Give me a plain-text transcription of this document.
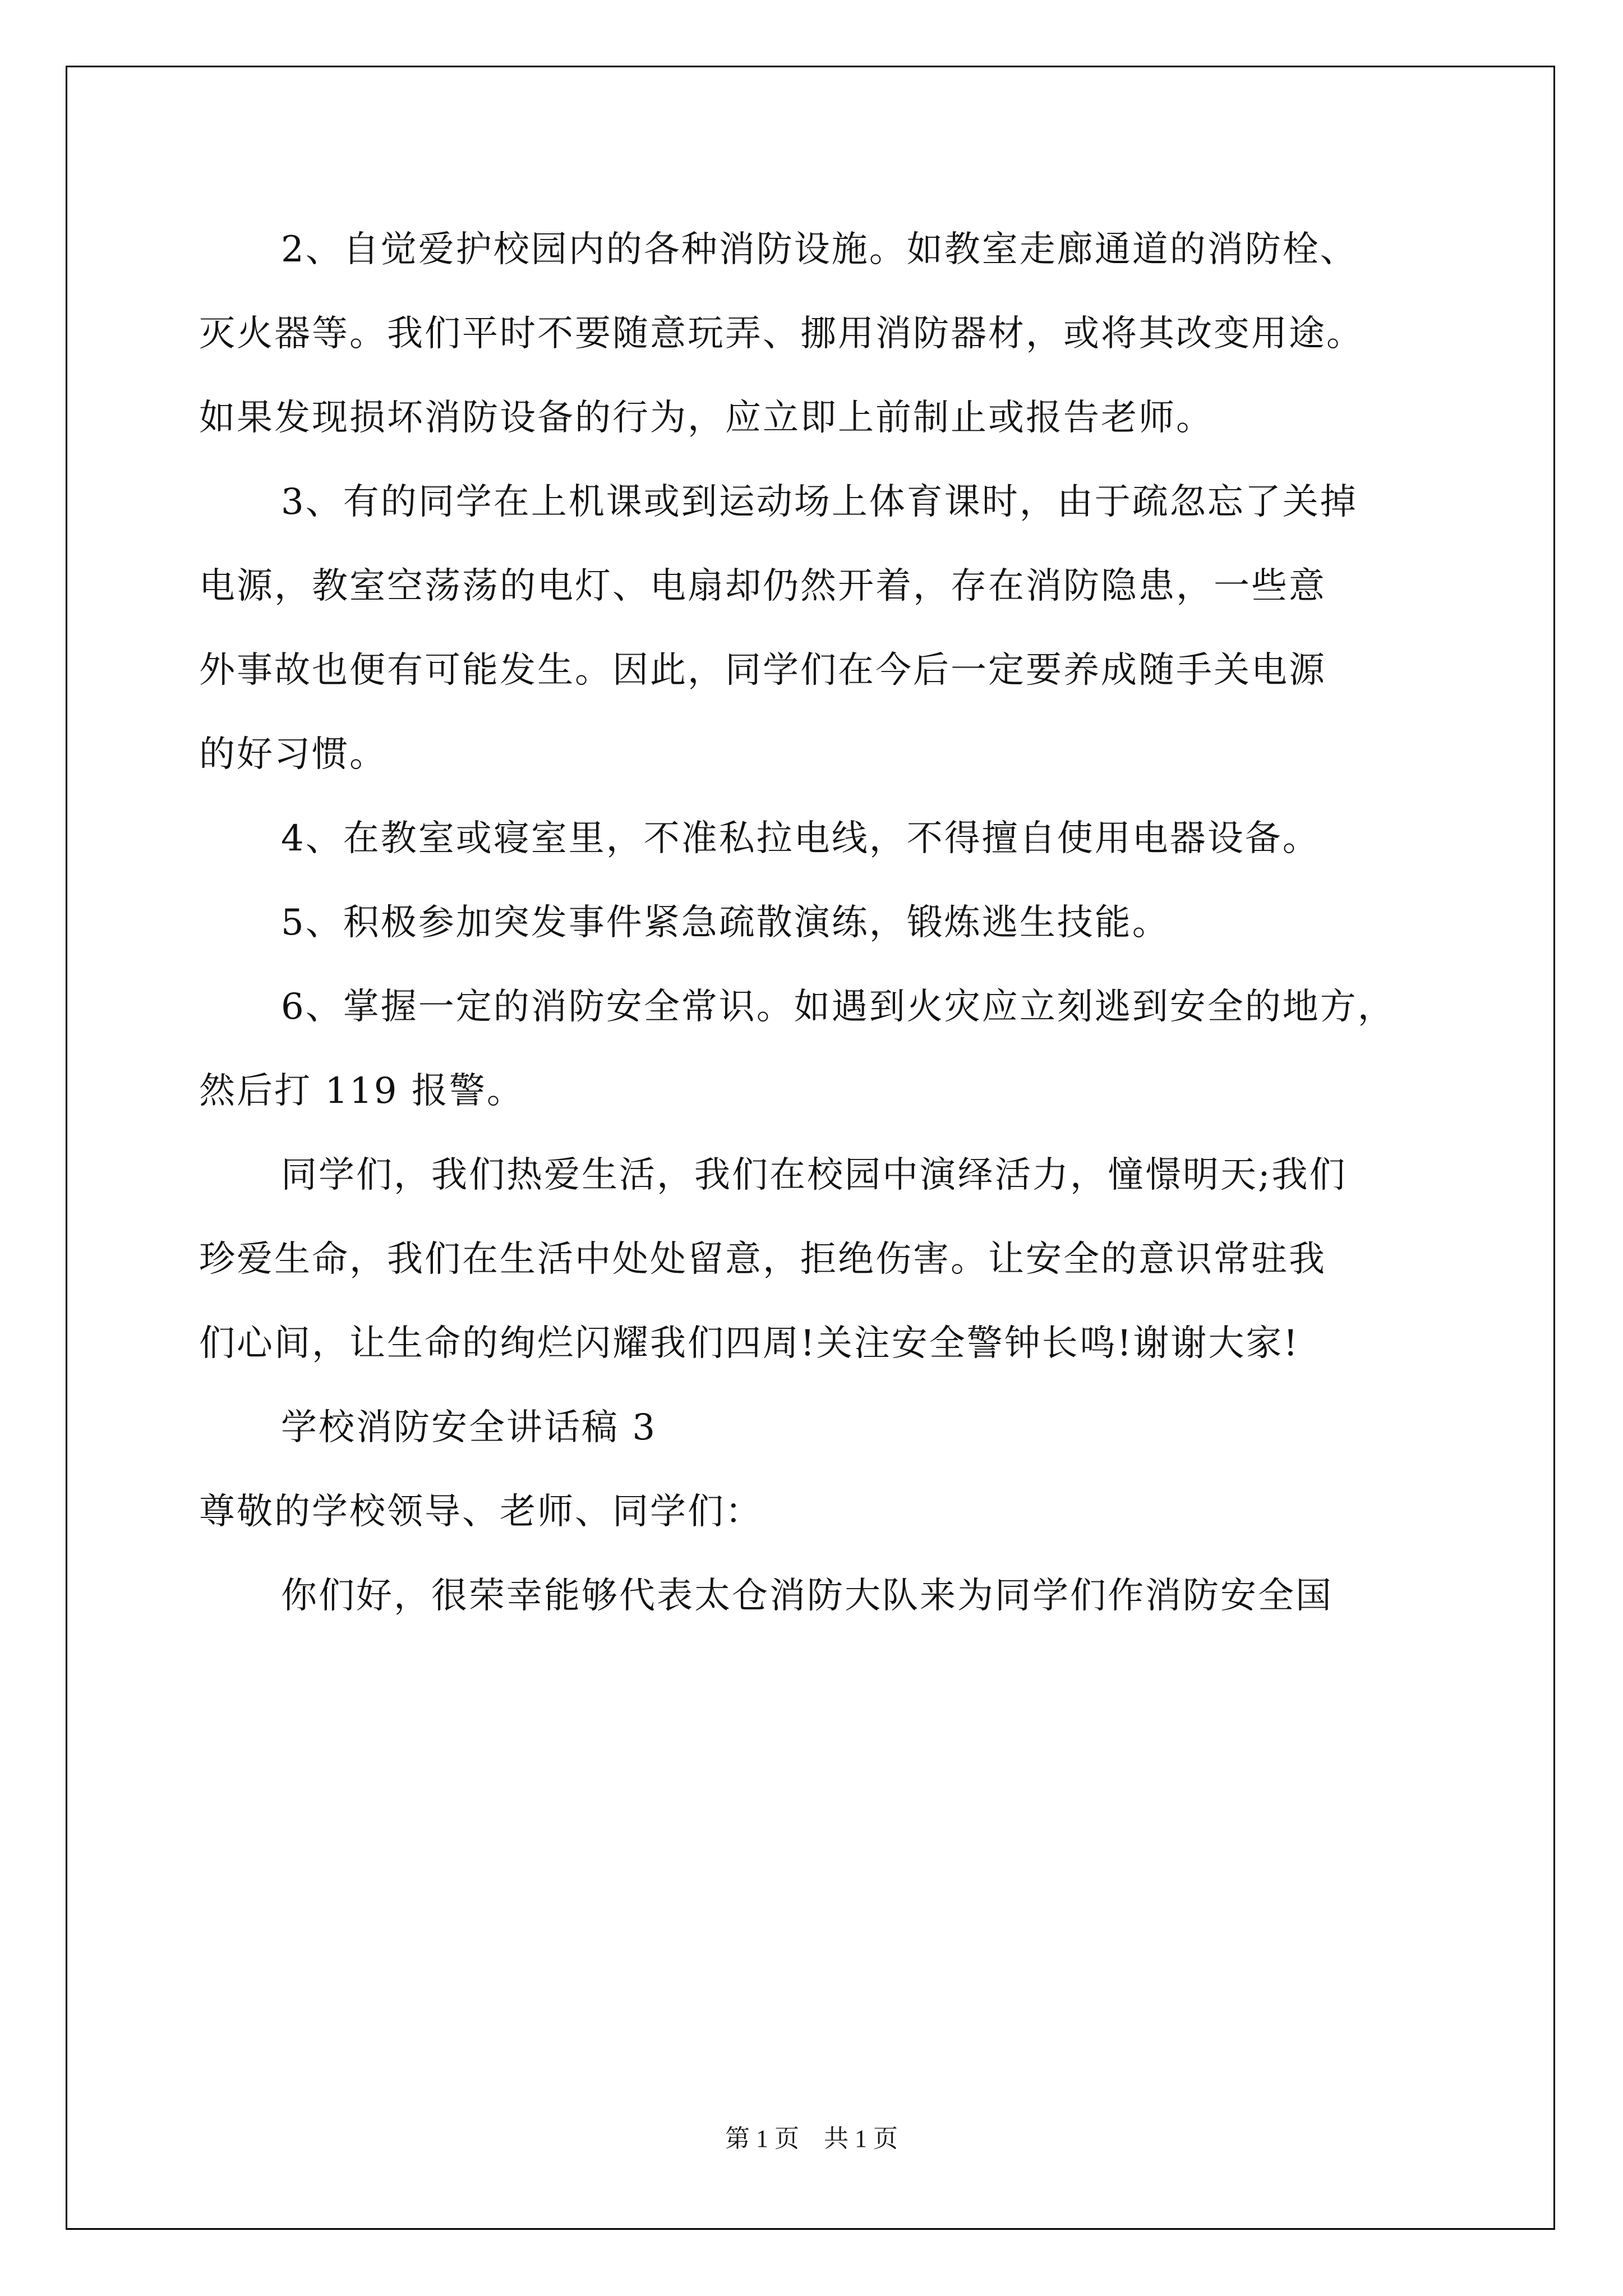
2、自觉爱护校园内的各种消防设施。如教室走廊通道的消防栓、
灭火器等。我们平时不要随意玩弄、挪用消防器材，或将其改变用途。
如果发现损坏消防设备的行为，应立即上前制止或报告老师。
3、有的同学在上机课或到运动场上体育课时，由于疏忽忘了关掉
电源，教室空荡荡的电灯、电扇却仍然开着，存在消防隐患，一些意
外事故也便有可能发生。因此，同学们在今后一定要养成随手关电源
的好习惯。
4、在教室或寝室里，不准私拉电线，不得擅自使用电器设备。
5、积极参加突发事件紧急疏散演练，锻炼逃生技能。
6、掌握一定的消防安全常识。如遇到火灾应立刻逃到安全的地方，
然后打 119 报警。
同学们，我们热爱生活，我们在校园中演绎活力，憧憬明天;我们
珍爱生命，我们在生活中处处留意，拒绝伤害。让安全的意识常驻我
们心间，让生命的绚烂闪耀我们四周!关注安全警钟长鸣!谢谢大家!
学校消防安全讲话稿 3
尊敬的学校领导、老师、同学们：
你们好，很荣幸能够代表太仓消防大队来为同学们作消防安全国
第 1 页　共 1 页
